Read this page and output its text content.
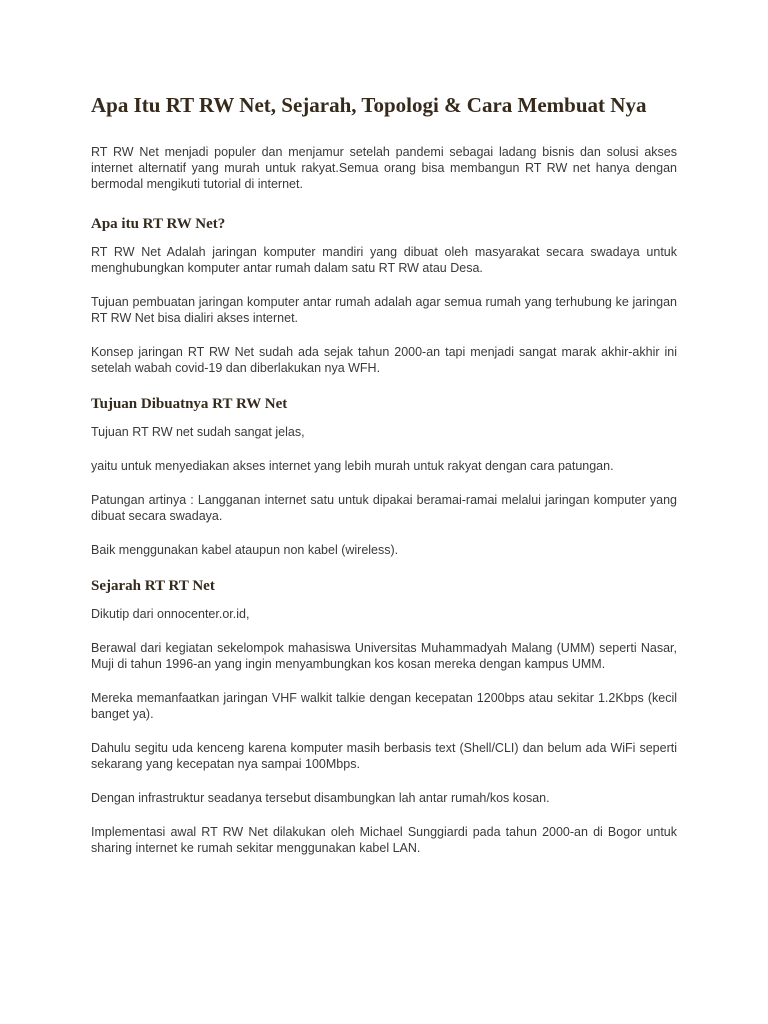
Apa Itu RT RW Net, Sejarah, Topologi & Cara Membuat Nya

RT RW Net menjadi populer dan menjamur setelah pandemi sebagai ladang bisnis dan solusi akses internet alternatif yang murah untuk rakyat.Semua orang bisa membangun RT RW net hanya dengan bermodal mengikuti tutorial di internet.

Apa itu RT RW Net?

RT RW Net Adalah jaringan komputer mandiri yang dibuat oleh masyarakat secara swadaya untuk menghubungkan komputer antar rumah dalam satu RT RW atau Desa.

Tujuan pembuatan jaringan komputer antar rumah adalah agar semua rumah yang terhubung ke jaringan RT RW Net bisa dialiri akses internet.

Konsep jaringan RT RW Net sudah ada sejak tahun 2000-an tapi menjadi sangat marak akhir-akhir ini setelah wabah covid-19 dan diberlakukan nya WFH.

Tujuan Dibuatnya RT RW Net

Tujuan RT RW net sudah sangat jelas,

yaitu untuk menyediakan akses internet yang lebih murah untuk rakyat dengan cara patungan.

Patungan artinya : Langganan internet satu untuk dipakai beramai-ramai melalui jaringan komputer yang dibuat secara swadaya.

Baik menggunakan kabel ataupun non kabel (wireless).

Sejarah RT RT Net

Dikutip dari onnocenter.or.id,

Berawal dari kegiatan sekelompok mahasiswa Universitas Muhammadyah Malang (UMM) seperti Nasar, Muji di tahun 1996-an yang ingin menyambungkan kos kosan mereka dengan kampus UMM.

Mereka memanfaatkan jaringan VHF walkit talkie dengan kecepatan 1200bps atau sekitar 1.2Kbps (kecil banget ya).

Dahulu segitu uda kenceng karena komputer masih berbasis text (Shell/CLI) dan belum ada WiFi seperti sekarang yang kecepatan nya sampai 100Mbps.

Dengan infrastruktur seadanya tersebut disambungkan lah antar rumah/kos kosan.

Implementasi awal RT RW Net dilakukan oleh Michael Sunggiardi pada tahun 2000-an di Bogor untuk sharing internet ke rumah sekitar menggunakan kabel LAN.
